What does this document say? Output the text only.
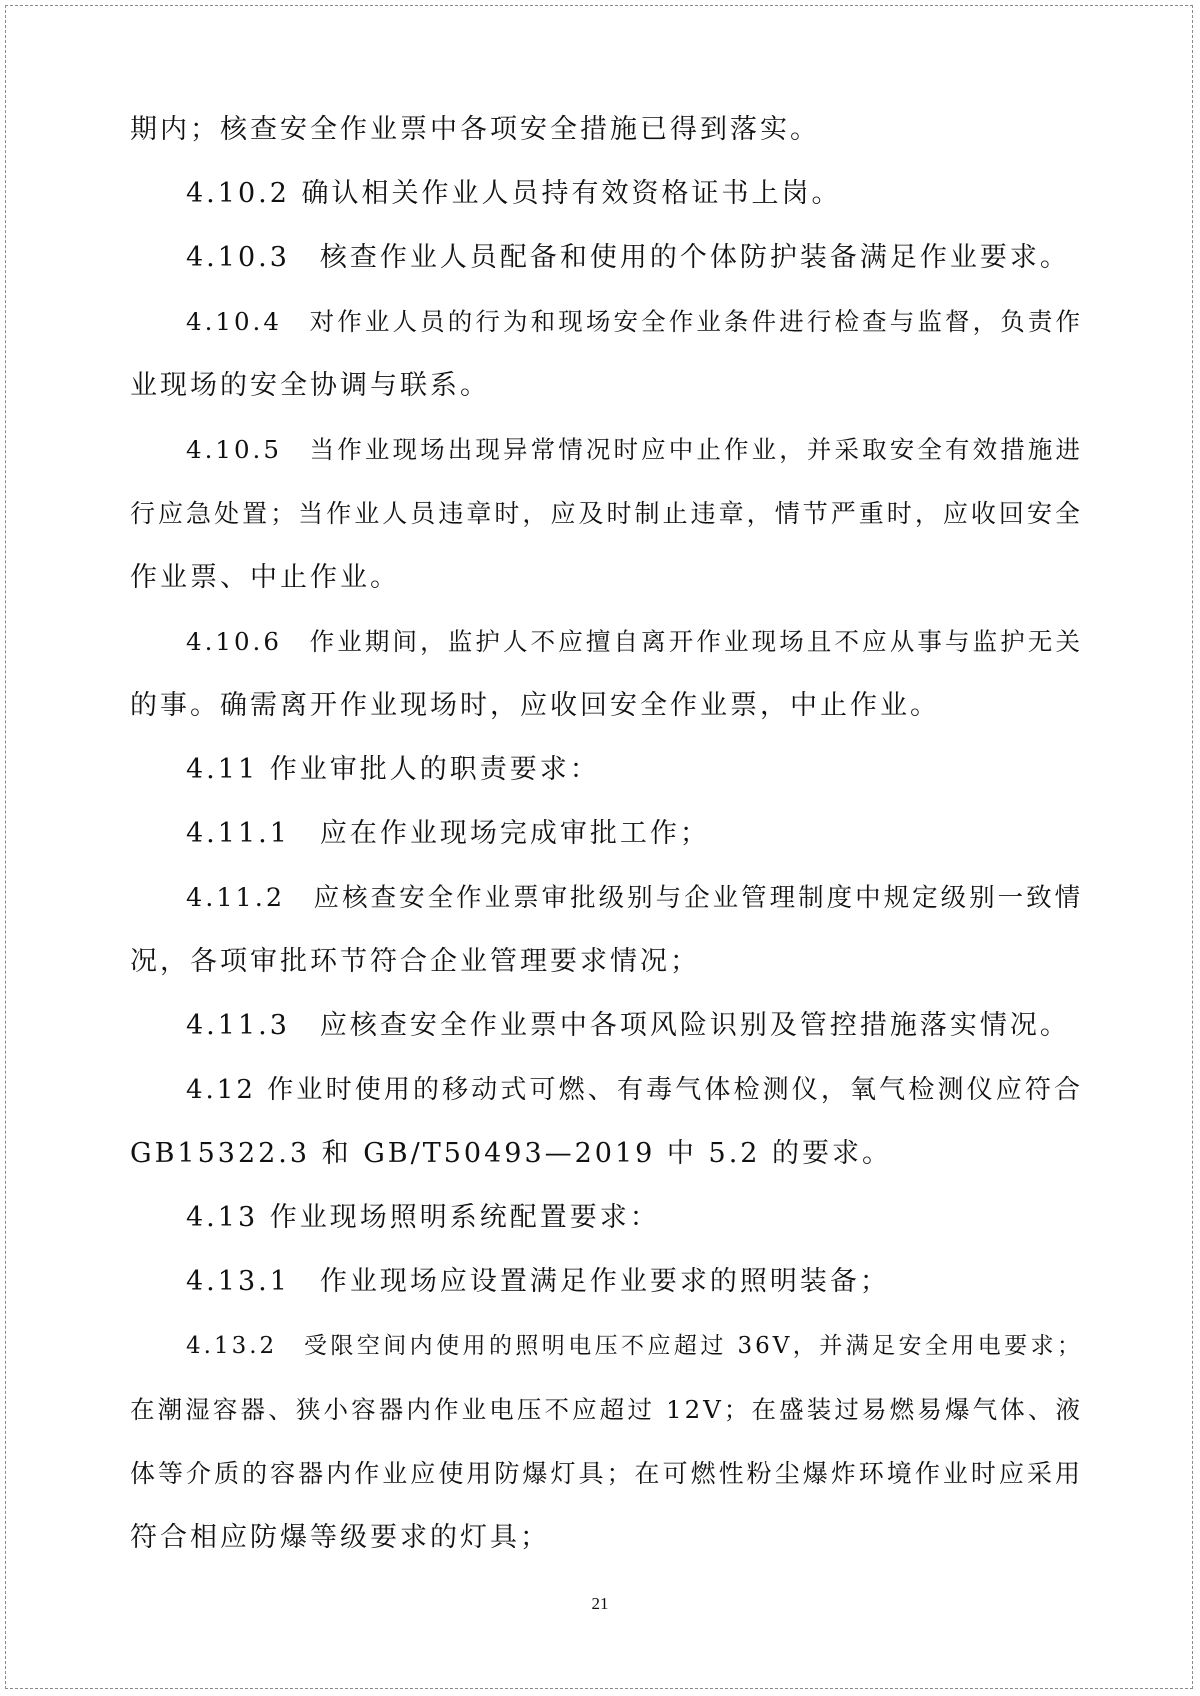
期内；核查安全作业票中各项安全措施已得到落实。
4.10.2 确认相关作业人员持有效资格证书上岗。
4.10.3　核查作业人员配备和使用的个体防护装备满足作业要求。
4.10.4　对作业人员的行为和现场安全作业条件进行检查与监督，负责作
业现场的安全协调与联系。
4.10.5　当作业现场出现异常情况时应中止作业，并采取安全有效措施进
行应急处置；当作业人员违章时，应及时制止违章，情节严重时，应收回安全
作业票、中止作业。
4.10.6　作业期间，监护人不应擅自离开作业现场且不应从事与监护无关
的事。确需离开作业现场时，应收回安全作业票，中止作业。
4.11 作业审批人的职责要求：
4.11.1　应在作业现场完成审批工作；
4.11.2　应核查安全作业票审批级别与企业管理制度中规定级别一致情
况，各项审批环节符合企业管理要求情况；
4.11.3　应核查安全作业票中各项风险识别及管控措施落实情况。
4.12 作业时使用的移动式可燃、有毒气体检测仪，氧气检测仪应符合
GB15322.3 和 GB/T50493—2019 中 5.2 的要求。
4.13 作业现场照明系统配置要求：
4.13.1　作业现场应设置满足作业要求的照明装备；
4.13.2　受限空间内使用的照明电压不应超过 36V，并满足安全用电要求；
在潮湿容器、狭小容器内作业电压不应超过 12V；在盛装过易燃易爆气体、液
体等介质的容器内作业应使用防爆灯具；在可燃性粉尘爆炸环境作业时应采用
符合相应防爆等级要求的灯具；
21
